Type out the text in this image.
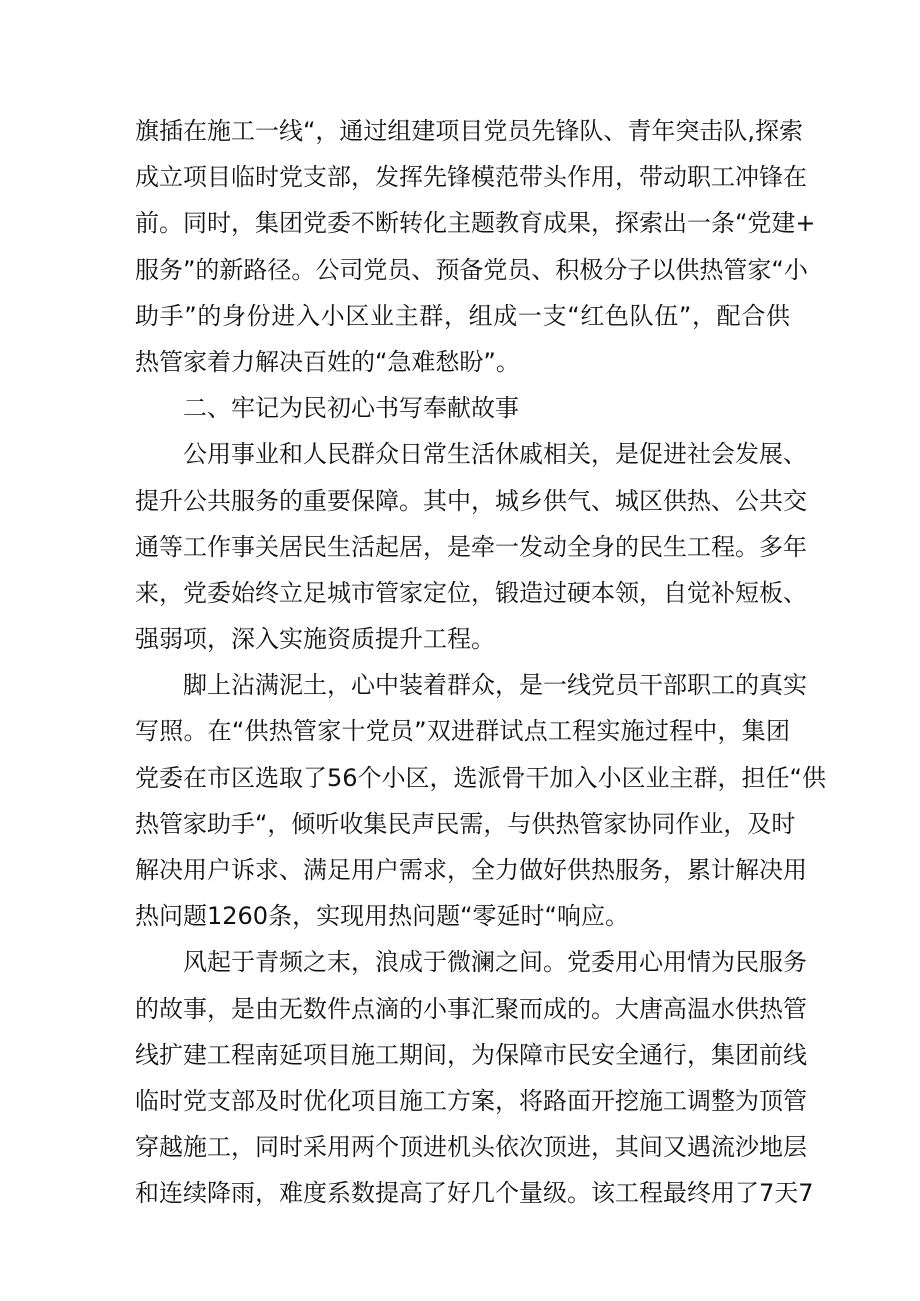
旗插在施工一线“，通过组建项目党员先锋队、青年突击队,探索
成立项目临时党支部，发挥先锋模范带头作用，带动职工冲锋在
前。同时，集团党委不断转化主题教育成果，探索出一条“党建+
服务”的新路径。公司党员、预备党员、积极分子以供热管家“小
助手”的身份进入小区业主群，组成一支“红色队伍”，配合供
热管家着力解决百姓的“急难愁盼”。
二、牢记为民初心书写奉献故事
公用事业和人民群众日常生活休戚相关，是促进社会发展、
提升公共服务的重要保障。其中，城乡供气、城区供热、公共交
通等工作事关居民生活起居，是牵一发动全身的民生工程。多年
来，党委始终立足城市管家定位，锻造过硬本领，自觉补短板、
强弱项，深入实施资质提升工程。
脚上沾满泥土，心中装着群众，是一线党员干部职工的真实
写照。在“供热管家十党员”双进群试点工程实施过程中，集团
党委在市区选取了56个小区，选派骨干加入小区业主群，担任“供
热管家助手“，倾听收集民声民需，与供热管家协同作业，及时
解决用户诉求、满足用户需求，全力做好供热服务，累计解决用
热问题1260条，实现用热问题“零延时“响应。
风起于青频之末，浪成于微澜之间。党委用心用情为民服务
的故事，是由无数件点滴的小事汇聚而成的。大唐高温水供热管
线扩建工程南延项目施工期间，为保障市民安全通行，集团前线
临时党支部及时优化项目施工方案，将路面开挖施工调整为顶管
穿越施工，同时采用两个顶进机头依次顶进，其间又遇流沙地层
和连续降雨，难度系数提高了好几个量级。该工程最终用了7天7
